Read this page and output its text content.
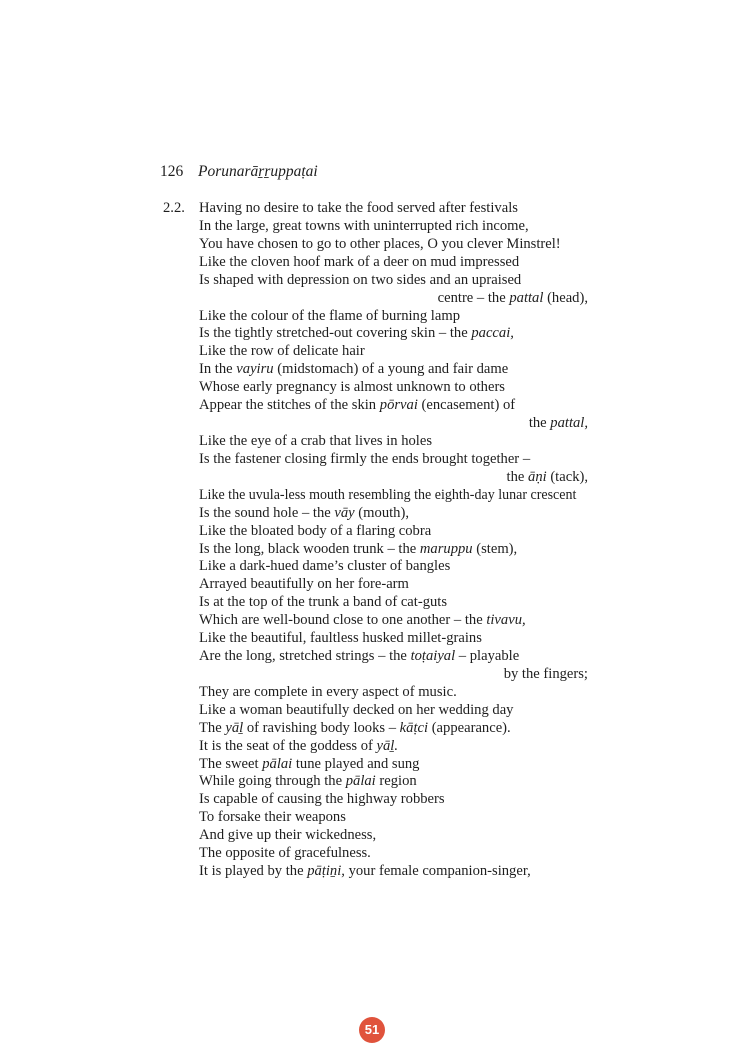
126 Porunarāṟṟuppaṭai
2.2. Having no desire to take the food served after festivals
In the large, great towns with uninterrupted rich income,
You have chosen to go to other places, O you clever Minstrel!
Like the cloven hoof mark of a deer on mud impressed
Is shaped with depression on two sides and an upraised
centre – the pattal (head),
Like the colour of the flame of burning lamp
Is the tightly stretched-out covering skin – the paccai,
Like the row of delicate hair
In the vayiru (midstomach) of a young and fair dame
Whose early pregnancy is almost unknown to others
Appear the stitches of the skin pōrvai (encasement) of
the pattal,
Like the eye of a crab that lives in holes
Is the fastener closing firmly the ends brought together –
the āṇi (tack),
Like the uvula-less mouth resembling the eighth-day lunar crescent
Is the sound hole – the vāy (mouth),
Like the bloated body of a flaring cobra
Is the long, black wooden trunk – the maruppu (stem),
Like a dark-hued dame’s cluster of bangles
Arrayed beautifully on her fore-arm
Is at the top of the trunk a band of cat-guts
Which are well-bound close to one another – the tivavu,
Like the beautiful, faultless husked millet-grains
Are the long, stretched strings – the toṭaiyal – playable
by the fingers;
They are complete in every aspect of music.
Like a woman beautifully decked on her wedding day
The yāḻ of ravishing body looks – kāṭci (appearance).
It is the seat of the goddess of yāḻ.
The sweet pālai tune played and sung
While going through the pālai region
Is capable of causing the highway robbers
To forsake their weapons
And give up their wickedness,
The opposite of gracefulness.
It is played by the pāṭiṉi, your female companion-singer,
51
